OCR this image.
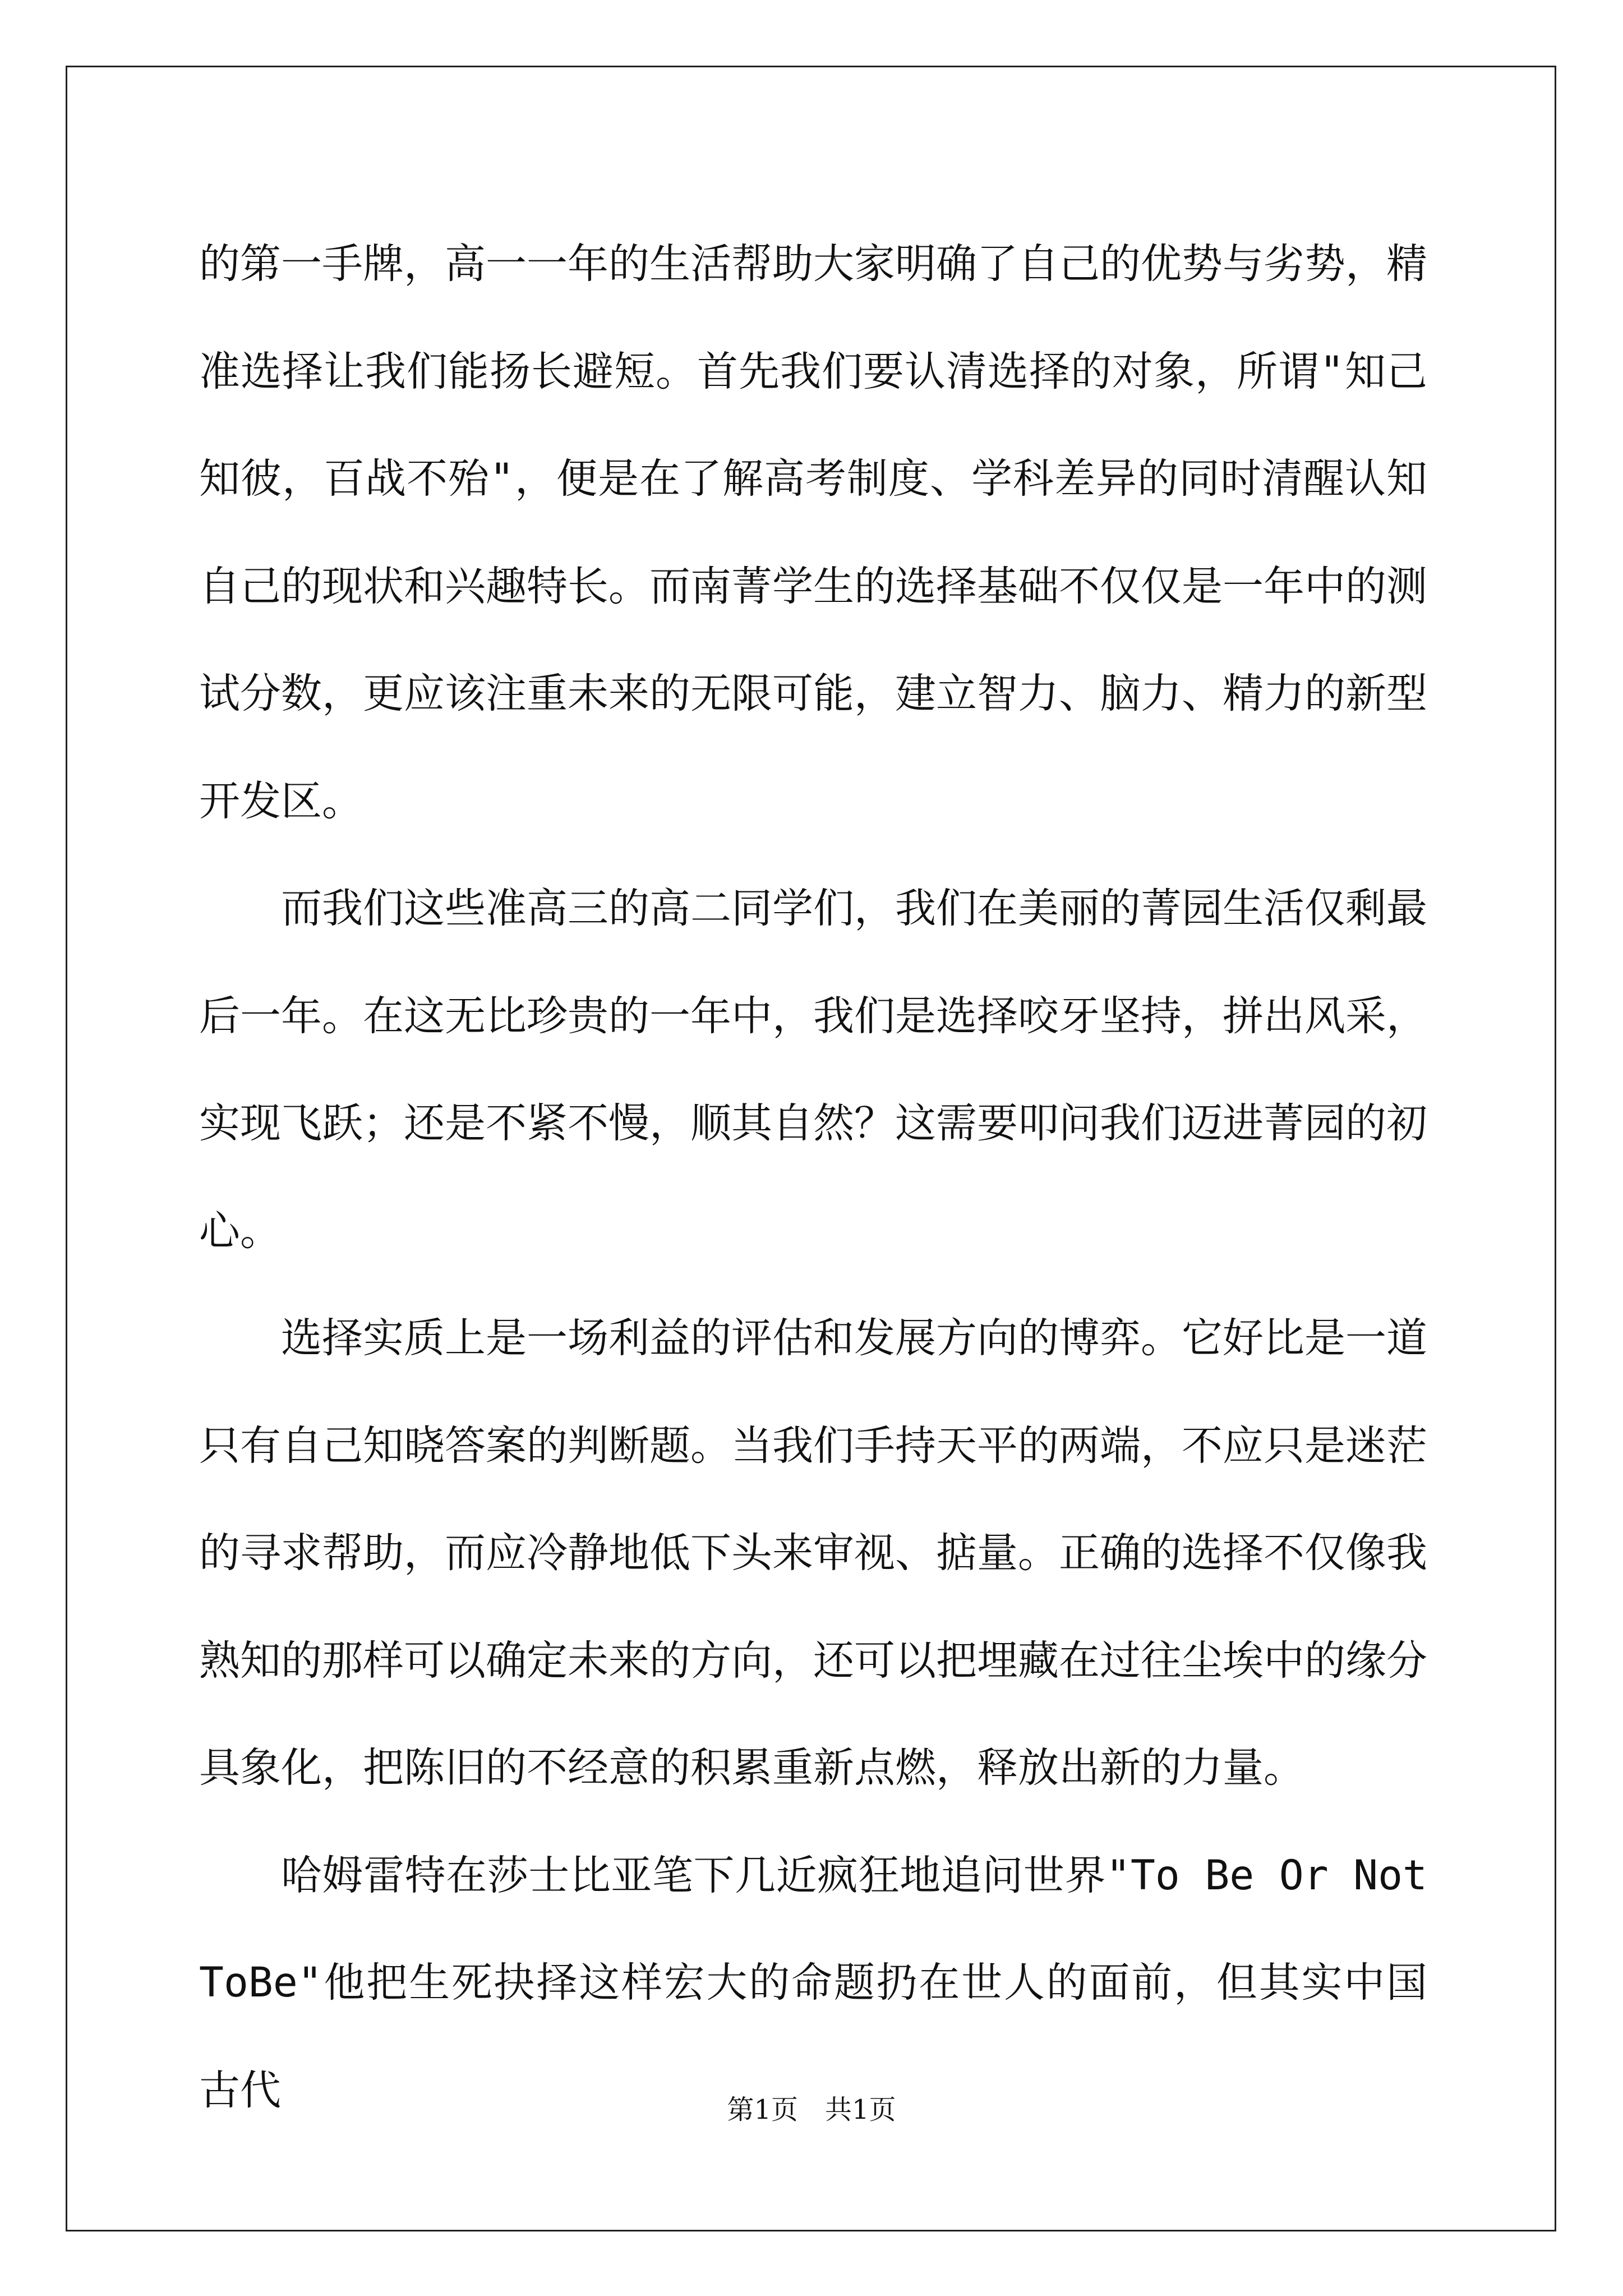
的第一手牌，高一一年的生活帮助大家明确了自己的优势与劣势，精准选择让我们能扬长避短。首先我们要认清选择的对象，所谓"知己知彼，百战不殆"，便是在了解高考制度、学科差异的同时清醒认知自己的现状和兴趣特长。而南菁学生的选择基础不仅仅是一年中的测试分数，更应该注重未来的无限可能，建立智力、脑力、精力的新型开发区。

而我们这些准高三的高二同学们，我们在美丽的菁园生活仅剩最后一年。在这无比珍贵的一年中，我们是选择咬牙坚持，拼出风采，实现飞跃；还是不紧不慢，顺其自然？这需要叩问我们迈进菁园的初心。

选择实质上是一场利益的评估和发展方向的博弈。它好比是一道只有自己知晓答案的判断题。当我们手持天平的两端，不应只是迷茫的寻求帮助，而应冷静地低下头来审视、掂量。正确的选择不仅像我熟知的那样可以确定未来的方向，还可以把埋藏在过往尘埃中的缘分具象化，把陈旧的不经意的积累重新点燃，释放出新的力量。

哈姆雷特在莎士比亚笔下几近疯狂地追问世界"To Be Or Not ToBe"他把生死抉择这样宏大的命题扔在世人的面前，但其实中国古代	第1页　共1页
